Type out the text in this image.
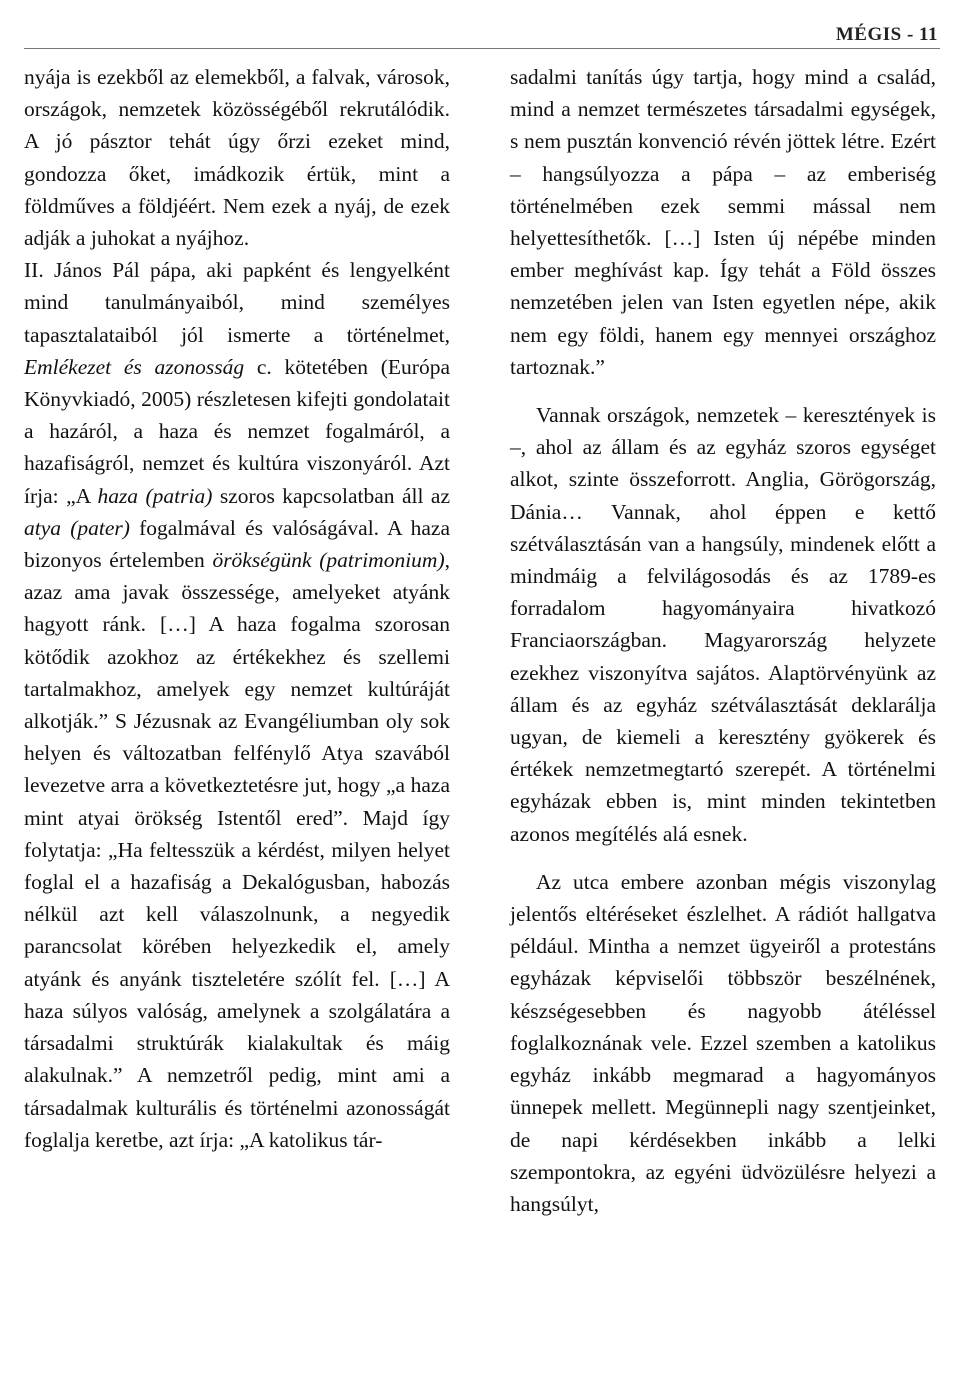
MÉGIS - 11

nyája is ezekből az elemekből, a falvak, városok, országok, nemzetek közösségéből rekrutálódik. A jó pásztor tehát úgy őrzi ezeket mind, gondozza őket, imádkozik értük, mint a földműves a földjéért. Nem ezek a nyáj, de ezek adják a juhokat a nyájhoz.

II. János Pál pápa, aki papként és lengyelként mind tanulmányaiból, mind személyes tapasztalataiból jól ismerte a történelmet, Emlékezet és azonosság c. kötetében (Európa Könyvkiadó, 2005) részletesen kifejti gondolatait a hazáról, a haza és nemzet fogalmáról, a hazafiságról, nemzet és kultúra viszonyáról. Azt írja: „A haza (patria) szoros kapcsolatban áll az atya (pater) fogalmával és valóságával. A haza bizonyos értelemben örökségünk (patrimonium), azaz ama javak összessége, amelyeket atyánk hagyott ránk. […] A haza fogalma szorosan kötődik azokhoz az értékekhez és szellemi tartalmakhoz, amelyek egy nemzet kultúráját alkotják.” S Jézusnak az Evangéliumban oly sok helyen és változatban felfénylő Atya szavából levezetve arra a következtetésre jut, hogy „a haza mint atyai örökség Istentől ered”. Majd így folytatja: „Ha feltesszük a kérdést, milyen helyet foglal el a hazafiság a Dekalógusban, habozás nélkül azt kell válaszolnunk, a negyedik parancsolat körében helyezkedik el, amely atyánk és anyánk tiszteletére szólít fel. […] A haza súlyos valóság, amelynek a szolgálatára a társadalmi struktúrák kialakultak és máig alakulnak.” A nemzetről pedig, mint ami a társadalmak kulturális és történelmi azonosságát foglalja keretbe, azt írja: „A katolikus tár-

sadalmi tanítás úgy tartja, hogy mind a család, mind a nemzet természetes társadalmi egységek, s nem pusztán konvenció révén jöttek létre. Ezért – hangsúlyozza a pápa – az emberiség történelmében ezek semmi mással nem helyettesíthetők. […] Isten új népébe minden ember meghívást kap. Így tehát a Föld összes nemzetében jelen van Isten egyetlen népe, akik nem egy földi, hanem egy mennyei országhoz tartoznak.”

Vannak országok, nemzetek – keresztények is –, ahol az állam és az egyház szoros egységet alkot, szinte összeforrott. Anglia, Görögország, Dánia… Vannak, ahol éppen e kettő szétválasztásán van a hangsúly, mindenek előtt a mindmáig a felvilágosodás és az 1789-es forradalom hagyományaira hivatkozó Franciaországban. Magyarország helyzete ezekhez viszonyítva sajátos. Alaptörvényünk az állam és az egyház szétválasztását deklarálja ugyan, de kiemeli a keresztény gyökerek és értékek nemzetmegtartó szerepét. A történelmi egyházak ebben is, mint minden tekintetben azonos megítélés alá esnek.

Az utca embere azonban mégis viszonylag jelentős eltéréseket észlelhet. A rádiót hallgatva például. Mintha a nemzet ügyeiről a protestáns egyházak képviselői többször beszélnének, készségesebben és nagyobb átéléssel foglalkoznának vele. Ezzel szemben a katolikus egyház inkább megmarad a hagyományos ünnepek mellett. Megünnepli nagy szentjeinket, de napi kérdésekben inkább a lelki szempontokra, az egyéni üdvözülésre helyezi a hangsúlyt,
